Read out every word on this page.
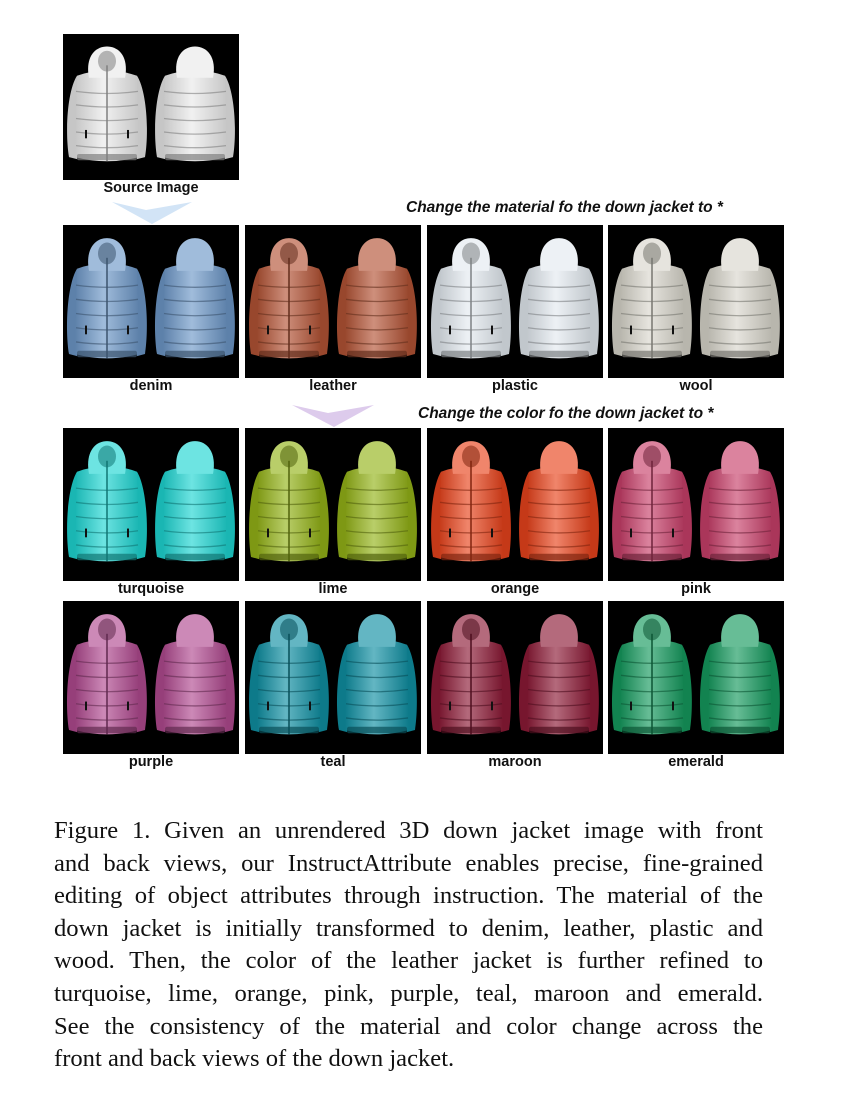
Source Image
Change the material fo the down jacket to *
denim	leather	plastic	wool
Change the color fo the down jacket to *
turquoise	lime	orange	pink
purple	teal	maroon	emerald
Figure 1. Given an unrendered 3D down jacket image with front
and back views, our InstructAttribute enables precise, fine-grained
editing of object attributes through instruction. The material of the
down jacket is initially transformed to denim, leather, plastic and
wood. Then, the color of the leather jacket is further refined to
turquoise, lime, orange, pink, purple, teal, maroon and emerald.
See the consistency of the material and color change across the
front and back views of the down jacket.
